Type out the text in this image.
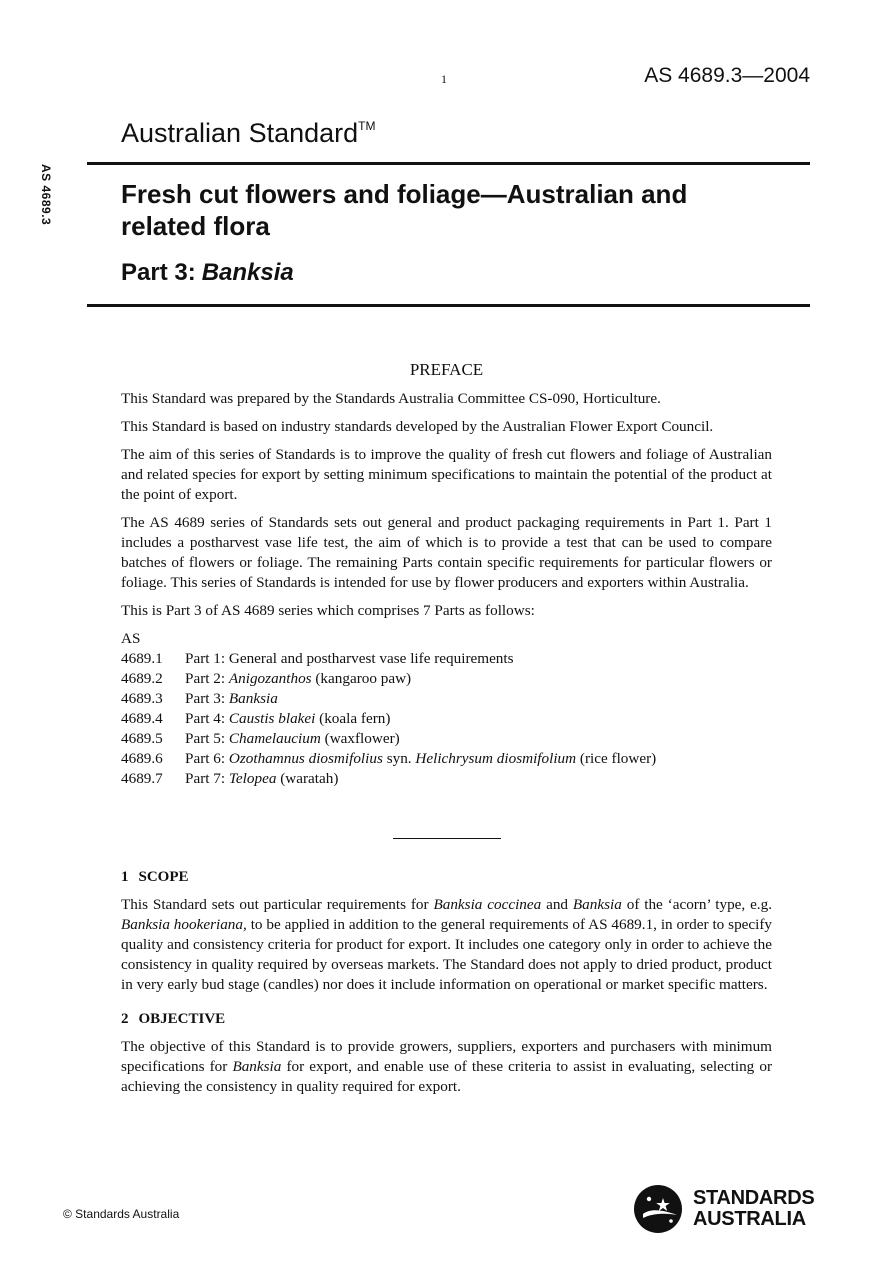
1	AS 4689.3—2004
Australian Standard™
AS 4689.3	Fresh cut flowers and foliage—Australian and
related flora
Part 3: Banksia
PREFACE

This Standard was prepared by the Standards Australia Committee CS-090, Horticulture.

This Standard is based on industry standards developed by the Australian Flower Export Council.

The aim of this series of Standards is to improve the quality of fresh cut flowers and foliage of Australian and related species for export by setting minimum specifications to maintain the potential of the product at the point of export.

The AS 4689 series of Standards sets out general and product packaging requirements in Part 1. Part 1 includes a postharvest vase life test, the aim of which is to provide a test that can be used to compare batches of flowers or foliage. The remaining Parts contain specific requirements for particular flowers or foliage. This series of Standards is intended for use by flower producers and exporters within Australia.

This is Part 3 of AS 4689 series which comprises 7 Parts as follows:

AS
4689.1	Part 1: General and postharvest vase life requirements
4689.2	Part 2: Anigozanthos (kangaroo paw)
4689.3	Part 3: Banksia
4689.4	Part 4: Caustis blakei (koala fern)
4689.5	Part 5: Chamelaucium (waxflower)
4689.6	Part 6: Ozothamnus diosmifolius syn. Helichrysum diosmifolium (rice flower)
4689.7	Part 7: Telopea (waratah)
1 SCOPE

This Standard sets out particular requirements for Banksia coccinea and Banksia of the ‘acorn’ type, e.g. Banksia hookeriana, to be applied in addition to the general requirements of AS 4689.1, in order to specify quality and consistency criteria for product for export. It includes one category only in order to achieve the consistency in quality required by overseas markets. The Standard does not apply to dried product, product in very early bud stage (candles) nor does it include information on operational or market specific matters.

2 OBJECTIVE

The objective of this Standard is to provide growers, suppliers, exporters and purchasers with minimum specifications for Banksia for export, and enable use of these criteria to assist in evaluating, selecting or achieving the consistency in quality required for export.

© Standards Australia
STANDARDS
AUSTRALIA
